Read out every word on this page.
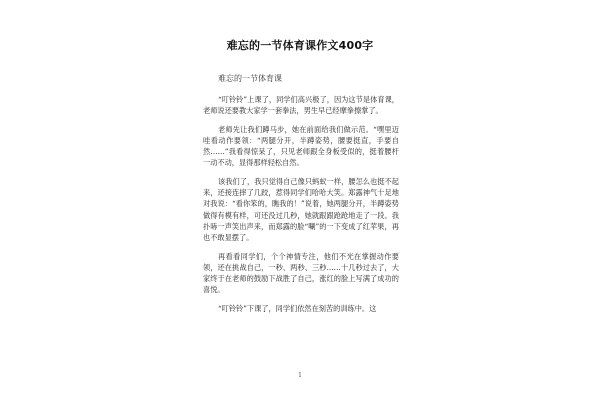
难忘的一节体育课作文400字
难忘的一节体育课

“叮铃铃”上课了，同学们高兴极了，因为这节是体育课，老师说还要教大家学一套拳法，男生早已经摩拳擦掌了。

老师先让我们蹲马步，她在前面给我们做示范。“嘿里迈哇看动作要领：“两腿分开，半蹲姿势，腰要挺直，手要自然……”我看得惊呆了，只见老师跟全身板受似的，挺着腰杆一动不动，显得那样轻松自然。

该我们了，我只觉得自己像只蚂蚁一样，腰怎么也挺不起来，还接连摔了几跤，惹得同学们哈哈大笑。郑露神气十足地对我说：“看你笨的，瞧我的！”说着，她两腿分开，半蹲姿势做得有模有样，可还没过几秒，她就跟跟跄跄地走了一段。我扑哧一声笑出声来，而郑露的脸“唰”的一下变成了红苹果，再也不敢显摆了。

再看看同学们，个个神情专注，他们不光在掌握动作要领，还在挑战自己，一秒、两秒、三秒……十几秒过去了，大家终于在老师的鼓励下战胜了自己，涨红的脸上写满了成功的喜悦。

“叮铃铃”下课了，同学们依然在刻苦的训练中。这

1
